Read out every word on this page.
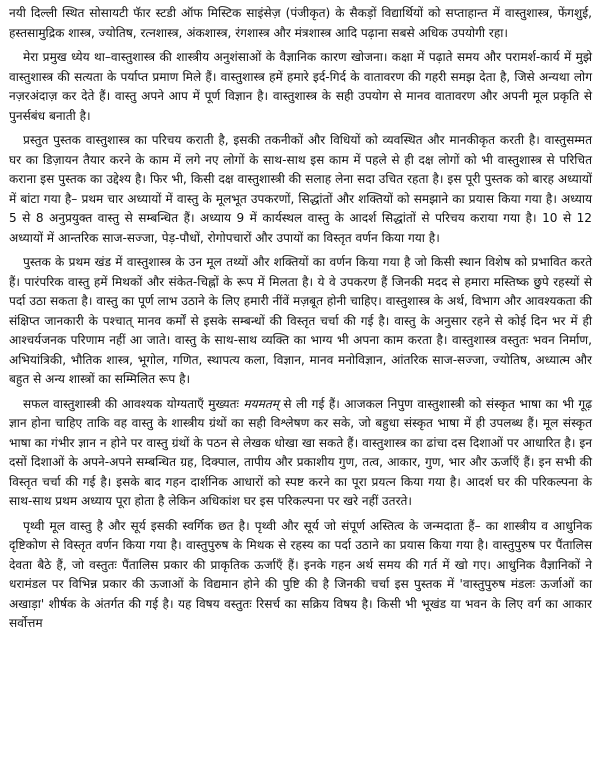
नयी दिल्ली स्थित सोसायटी फॅार स्टडी ऑफ मिस्टिक साइंसेज़ (पंजीकृत) के सैकड़ों विद्यार्थियों को सप्ताहान्त में वास्तुशास्त्र, फेंगशुई, हस्तसामुद्रिक शास्त्र, ज्योतिष, रत्नशास्त्र, अंकशास्त्र, रंगशास्त्र और मंत्रशास्त्र आदि पढ़ाना सबसे अधिक उपयोगी रहा।

मेरा प्रमुख ध्येय था–वास्तुशास्त्र की शास्त्रीय अनुशंसाओं के वैज्ञानिक कारण खोजना। कक्षा में पढ़ाते समय और परामर्श-कार्य में मुझे वास्तुशास्त्र की सत्यता के पर्याप्त प्रमाण मिले हैं। वास्तुशास्त्र हमें हमारे इर्द-गिर्द के वातावरण की गहरी समझ देता है, जिसे अन्यथा लोग नज़रअंदाज़ कर देते हैं। वास्तु अपने आप में पूर्ण विज्ञान है। वास्तुशास्त्र के सही उपयोग से मानव वातावरण और अपनी मूल प्रकृति से पुनर्सबंध बनाती है।

प्रस्तुत पुस्तक वास्तुशास्त्र का परिचय कराती है, इसकी तकनीकों और विधियों को व्यवस्थित और मानकीकृत करती है। वास्तुसम्मत घर का डिज़ायन तैयार करने के काम में लगे नए लोगों के साथ-साथ इस काम में पहले से ही दक्ष लोगों को भी वास्तुशास्त्र से परिचित कराना इस पुस्तक का उद्देश्य है। फिर भी, किसी दक्ष वास्तुशास्त्री की सलाह लेना सदा उचित रहता है। इस पूरी पुस्तक को बारह अध्यायों में बांटा गया है– प्रथम चार अध्यायों में वास्तु के मूलभूत उपकरणों, सिद्धांतों और शक्तियों को समझाने का प्रयास किया गया है। अध्याय 5 से 8 अनुप्रयुक्त वास्तु से सम्बन्धित हैं। अध्याय 9 में कार्यस्थल वास्तु के आदर्श सिद्धांतों से परिचय कराया गया है। 10 से 12 अध्यायों में आन्तरिक साज-सज्जा, पेड़-पौधों, रोगोपचारों और उपायों का विस्तृत वर्णन किया गया है।

पुस्तक के प्रथम खंड में वास्तुशास्त्र के उन मूल तथ्यों और शक्तियों का वर्णन किया गया है जो किसी स्थान विशेष को प्रभावित करते हैं। पारंपरिक वास्तु हमें मिथकों और संकेत-चिह्नों के रूप में मिलता है। ये वे उपकरण हैं जिनकी मदद से हमारा मस्तिष्क छुपे रहस्यों से पर्दा उठा सकता है। वास्तु का पूर्ण लाभ उठाने के लिए हमारी नींवें मज़बूत होनी चाहिए। वास्तुशास्त्र के अर्थ, विभाग और आवश्यकता की संक्षिप्त जानकारी के पश्चात् मानव कर्मों से इसके सम्बन्धों की विस्तृत चर्चा की गई है। वास्तु के अनुसार रहने से कोई दिन भर में ही आश्चर्यजनक परिणाम नहीं आ जाते। वास्तु के साथ-साथ व्यक्ति का भाग्य भी अपना काम करता है। वास्तुशास्त्र वस्तुतः भवन निर्माण, अभियांत्रिकी, भौतिक शास्त्र, भूगोल, गणित, स्थापत्य कला, विज्ञान, मानव मनोविज्ञान, आंतरिक साज-सज्जा, ज्योतिष, अध्यात्म और बहुत से अन्य शास्त्रों का सम्मिलित रूप है।

सफल वास्तुशास्त्री की आवश्यक योग्यताएँ मुख्यतः मयमतम् से ली गई हैं। आजकल निपुण वास्तुशास्त्री को संस्कृत भाषा का भी गूढ़ ज्ञान होना चाहिए ताकि वह वास्तु के शास्त्रीय ग्रंथों का सही विश्लेषण कर सके, जो बहुधा संस्कृत भाषा में ही उपलब्ध हैं। मूल संस्कृत भाषा का गंभीर ज्ञान न होने पर वास्तु ग्रंथों के पठन से लेखक धोखा खा सकते हैं। वास्तुशास्त्र का ढांचा दस दिशाओं पर आधारित है। इन दसों दिशाओं के अपने-अपने सम्बन्धित ग्रह, दिक्पाल, तापीय और प्रकाशीय गुण, तत्व, आकार, गुण, भार और ऊर्जाएँ हैं। इन सभी की विस्तृत चर्चा की गई है। इसके बाद गहन दार्शनिक आधारों को स्पष्ट करने का पूरा प्रयत्न किया गया है। आदर्श घर की परिकल्पना के साथ-साथ प्रथम अध्याय पूरा होता है लेकिन अधिकांश घर इस परिकल्पना पर खरे नहीं उतरते।

पृथ्वी मूल वास्तु है और सूर्य इसकी स्वर्गिक छत है। पृथ्वी और सूर्य जो संपूर्ण अस्तित्व के जन्मदाता हैं– का शास्त्रीय व आधुनिक दृष्टिकोण से विस्तृत वर्णन किया गया है। वास्तुपुरुष के मिथक से रहस्य का पर्दा उठाने का प्रयास किया गया है। वास्तुपुरुष पर पैंतालिस देवता बैठे हैं, जो वस्तुतः पैंतालिस प्रकार की प्राकृतिक ऊर्जाएँ हैं। इनके गहन अर्थ समय की गर्त में खो गए। आधुनिक वैज्ञानिकों ने धरामंडल पर विभिन्न प्रकार की ऊजाओं के विद्यमान होने की पुष्टि की है जिनकी चर्चा इस पुस्तक में 'वास्तुपुरुष मंडलः ऊर्जाओं का अखाड़ा' शीर्षक के अंतर्गत की गई है। यह विषय वस्तुतः रिसर्च का सक्रिय विषय है। किसी भी भूखंड या भवन के लिए वर्ग का आकार सर्वोत्तम
